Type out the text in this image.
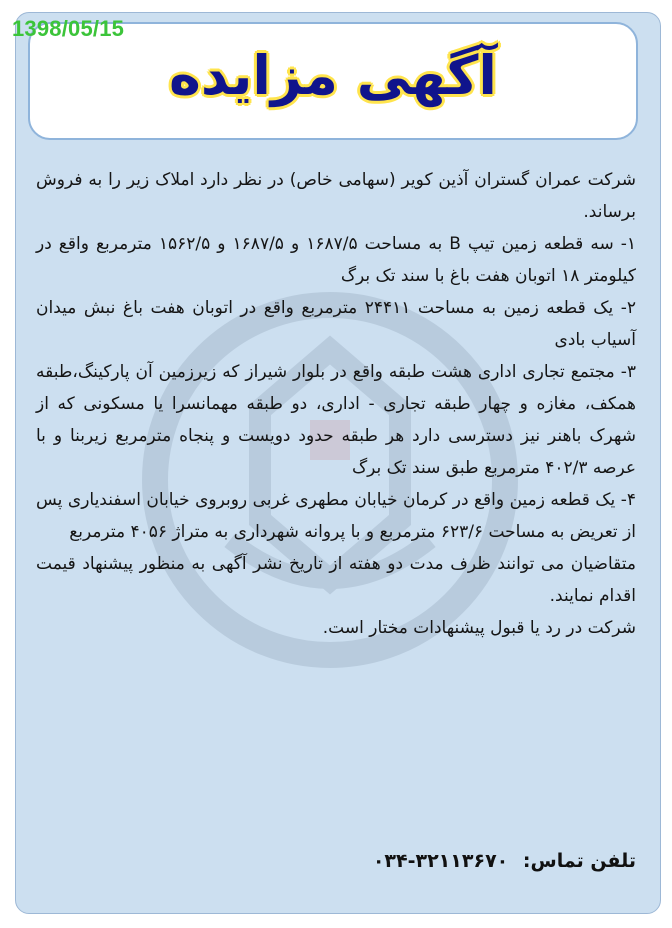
آگهی مزایده
1398/05/15

شرکت عمران گستران آذین کویر (سهامی خاص) در نظر دارد املاک زیر را به فروش برساند.

۱- سه قطعه زمین تیپ B به مساحت ۱۶۸۷/۵ و ۱۶۸۷/۵ و ۱۵۶۲/۵ مترمربع واقع در کیلومتر ۱۸ اتوبان هفت باغ با سند تک برگ

۲- یک قطعه زمین به مساحت ۲۴۴۱۱ مترمربع واقع در اتوبان هفت باغ نبش میدان آسیاب بادی

۳- مجتمع تجاری اداری هشت طبقه واقع در بلوار شیراز که زیرزمین آن پارکینگ،طبقه همکف، مغازه و چهار طبقه تجاری - اداری، دو طبقه مهمانسرا یا مسکونی که از شهرک باهنر نیز دسترسی دارد هر طبقه حدود دویست و پنجاه مترمربع زیربنا و با عرصه ۴۰۲/۳ مترمربع طبق سند تک برگ

۴- یک قطعه زمین واقع در کرمان خیابان مطهری غربی روبروی خیابان اسفندیاری پس از تعریض به مساحت ۶۲۳/۶ مترمربع و با پروانه شهرداری به متراژ ۴۰۵۶ مترمربع

متقاضیان می توانند ظرف مدت دو هفته از تاریخ نشر آگهی به منظور پیشنهاد قیمت اقدام نمایند.

شرکت در رد یا قبول پیشنهادات مختار است.

تلفن تماس: ۰۳۴-۳۲۱۱۳۶۷۰
